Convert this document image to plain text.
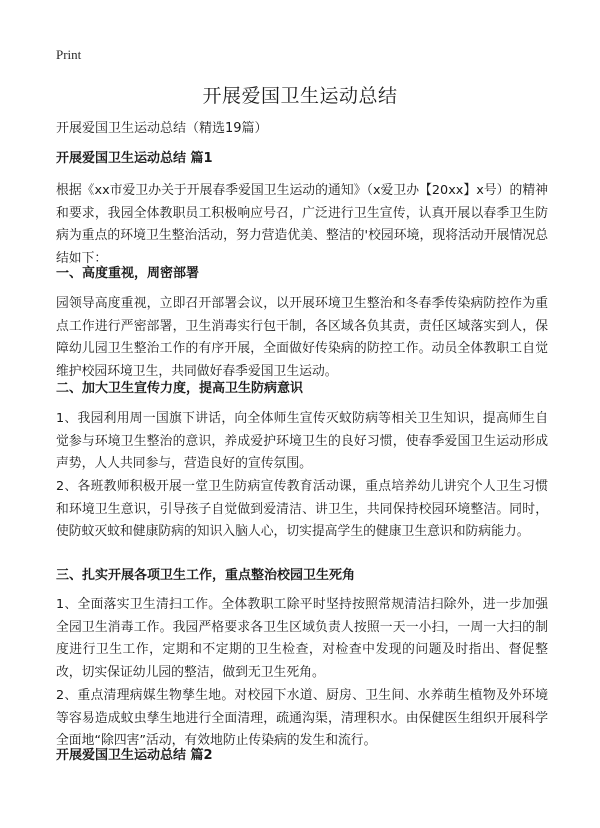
Print
开展爱国卫生运动总结
开展爱国卫生运动总结（精选19篇）
开展爱国卫生运动总结 篇1

根据《xx市爱卫办关于开展春季爱国卫生运动的通知》（x爱卫办【20xx】x号）的精神和要求，我园全体教职员工积极响应号召，广泛进行卫生宣传，认真开展以春季卫生防病为重点的环境卫生整治活动，努力营造优美、整洁的'校园环境，现将活动开展情况总结如下：

一、高度重视，周密部署

园领导高度重视，立即召开部署会议，以开展环境卫生整治和冬春季传染病防控作为重点工作进行严密部署，卫生消毒实行包干制，各区域各负其责，责任区域落实到人，保障幼儿园卫生整治工作的有序开展，全面做好传染病的防控工作。动员全体教职工自觉维护校园环境卫生，共同做好春季爱国卫生运动。

二、加大卫生宣传力度，提高卫生防病意识

1、我园利用周一国旗下讲话，向全体师生宣传灭蚊防病等相关卫生知识，提高师生自觉参与环境卫生整治的意识，养成爱护环境卫生的良好习惯，使春季爱国卫生运动形成声势，人人共同参与，营造良好的宣传氛围。

2、各班教师积极开展一堂卫生防病宣传教育活动课，重点培养幼儿讲究个人卫生习惯和环境卫生意识，引导孩子自觉做到爱清洁、讲卫生，共同保持校园环境整洁。同时，使防蚊灭蚊和健康防病的知识入脑人心，切实提高学生的健康卫生意识和防病能力。

三、扎实开展各项卫生工作，重点整治校园卫生死角

1、全面落实卫生清扫工作。全体教职工除平时坚持按照常规清洁扫除外，进一步加强全园卫生消毒工作。我园严格要求各卫生区域负责人按照一天一小扫，一周一大扫的制度进行卫生工作，定期和不定期的卫生检查，对检查中发现的问题及时指出、督促整改，切实保证幼儿园的整洁，做到无卫生死角。

2、重点清理病媒生物孳生地。对校园下水道、厨房、卫生间、水养萌生植物及外环境等容易造成蚊虫孳生地进行全面清理，疏通沟渠，清理积水。由保健医生组织开展科学全面地“除四害”活动，有效地防止传染病的发生和流行。

开展爱国卫生运动总结 篇2
